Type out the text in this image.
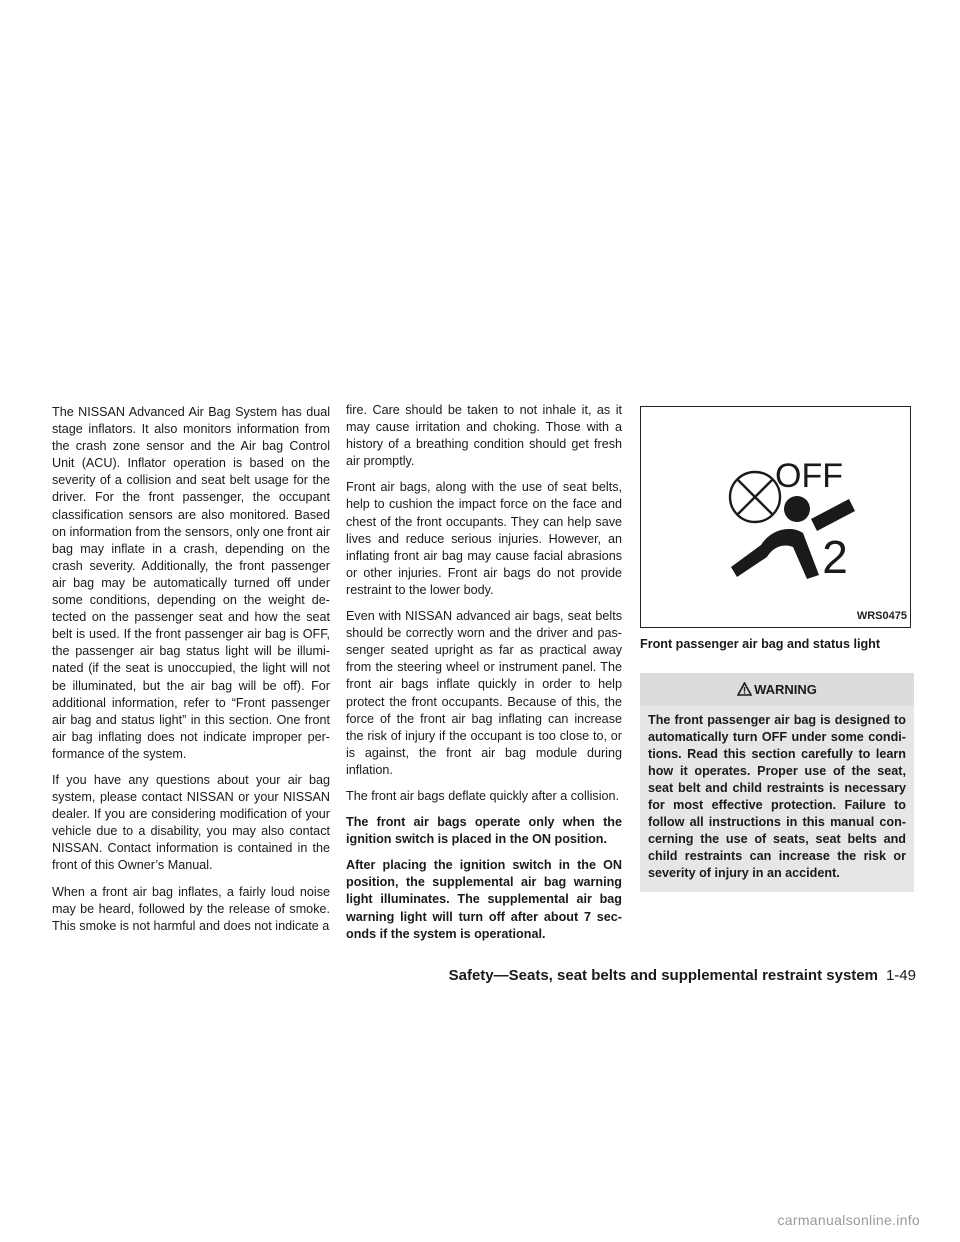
The NISSAN Advanced Air Bag System has dual stage inflators. It also monitors information from the crash zone sensor and the Air bag Control Unit (ACU). Inflator operation is based on the severity of a collision and seat belt usage for the driver. For the front passenger, the occupant classification sensors are also monitored. Based on information from the sensors, only one front air bag may inflate in a crash, depending on the crash severity. Additionally, the front passenger air bag may be automatically turned off under some conditions, depending on the weight de- tected on the passenger seat and how the seat belt is used. If the front passenger air bag is OFF, the passenger air bag status light will be illumi- nated (if the seat is unoccupied, the light will not be illuminated, but the air bag will be off). For additional information, refer to “Front passenger air bag and status light” in this section. One front air bag inflating does not indicate improper per- formance of the system.

If you have any questions about your air bag system, please contact NISSAN or your NISSAN dealer. If you are considering modification of your vehicle due to a disability, you may also contact NISSAN. Contact information is contained in the front of this Owner’s Manual.

When a front air bag inflates, a fairly loud noise may be heard, followed by the release of smoke. This smoke is not harmful and does not indicate a

fire. Care should be taken to not inhale it, as it may cause irritation and choking. Those with a history of a breathing condition should get fresh air promptly.

Front air bags, along with the use of seat belts, help to cushion the impact force on the face and chest of the front occupants. They can help save lives and reduce serious injuries. However, an inflating front air bag may cause facial abrasions or other injuries. Front air bags do not provide restraint to the lower body.

Even with NISSAN advanced air bags, seat belts should be correctly worn and the driver and pas- senger seated upright as far as practical away from the steering wheel or instrument panel. The front air bags inflate quickly in order to help protect the front occupants. Because of this, the force of the front air bag inflating can increase the risk of injury if the occupant is too close to, or is against, the front air bag module during inflation.

The front air bags deflate quickly after a collision.

The front air bags operate only when the ignition switch is placed in the ON position.

After placing the ignition switch in the ON position, the supplemental air bag warning light illuminates. The supplemental air bag warning light will turn off after about 7 sec- onds if the system is operational.

OFF
2
WRS0475
Front passenger air bag and status light
WARNING
The front passenger air bag is designed to automatically turn OFF under some condi- tions. Read this section carefully to learn how it operates. Proper use of the seat, seat belt and child restraints is necessary for most effective protection. Failure to follow all instructions in this manual con- cerning the use of seats, seat belts and child restraints can increase the risk or severity of injury in an accident.
Safety—Seats, seat belts and supplemental restraint system 1-49
carmanualsonline.info
